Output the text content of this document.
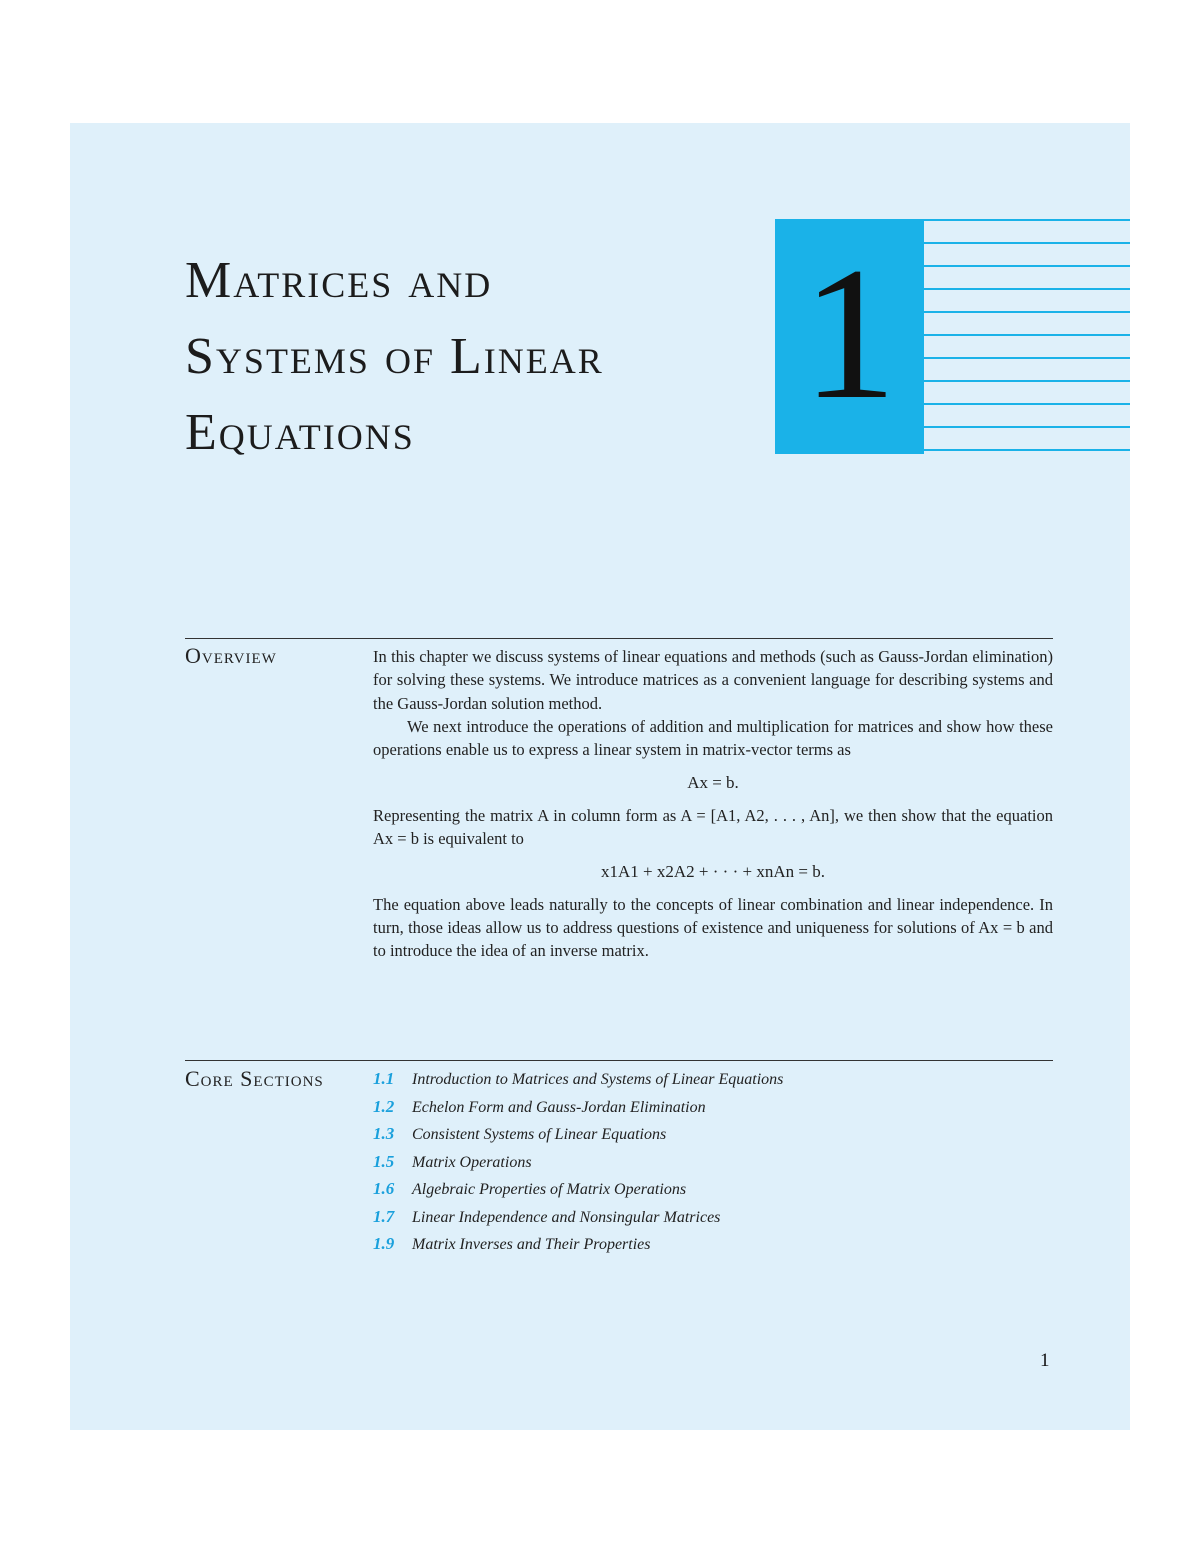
Matrices and
Systems of Linear
Equations	1
Overview	In this chapter we discuss systems of linear equations and methods (such as Gauss-Jordan elimination) for solving these systems. We introduce matrices as a convenient language for describing systems and the Gauss-Jordan solution method.

We next introduce the operations of addition and multiplication for matrices and show how these operations enable us to express a linear system in matrix-vector terms as

Ax = b.

Representing the matrix A in column form as A = [A1, A2, . . . , An], we then show that the equation Ax = b is equivalent to

x1A1 + x2A2 + · · · + xnAn = b.

The equation above leads naturally to the concepts of linear combination and linear independence. In turn, those ideas allow us to address questions of existence and uniqueness for solutions of Ax = b and to introduce the idea of an inverse matrix.

Core Sections	1.1 Introduction to Matrices and Systems of Linear Equations
1.2 Echelon Form and Gauss-Jordan Elimination
1.3 Consistent Systems of Linear Equations
1.5 Matrix Operations
1.6 Algebraic Properties of Matrix Operations
1.7 Linear Independence and Nonsingular Matrices
1.9 Matrix Inverses and Their Properties
1
